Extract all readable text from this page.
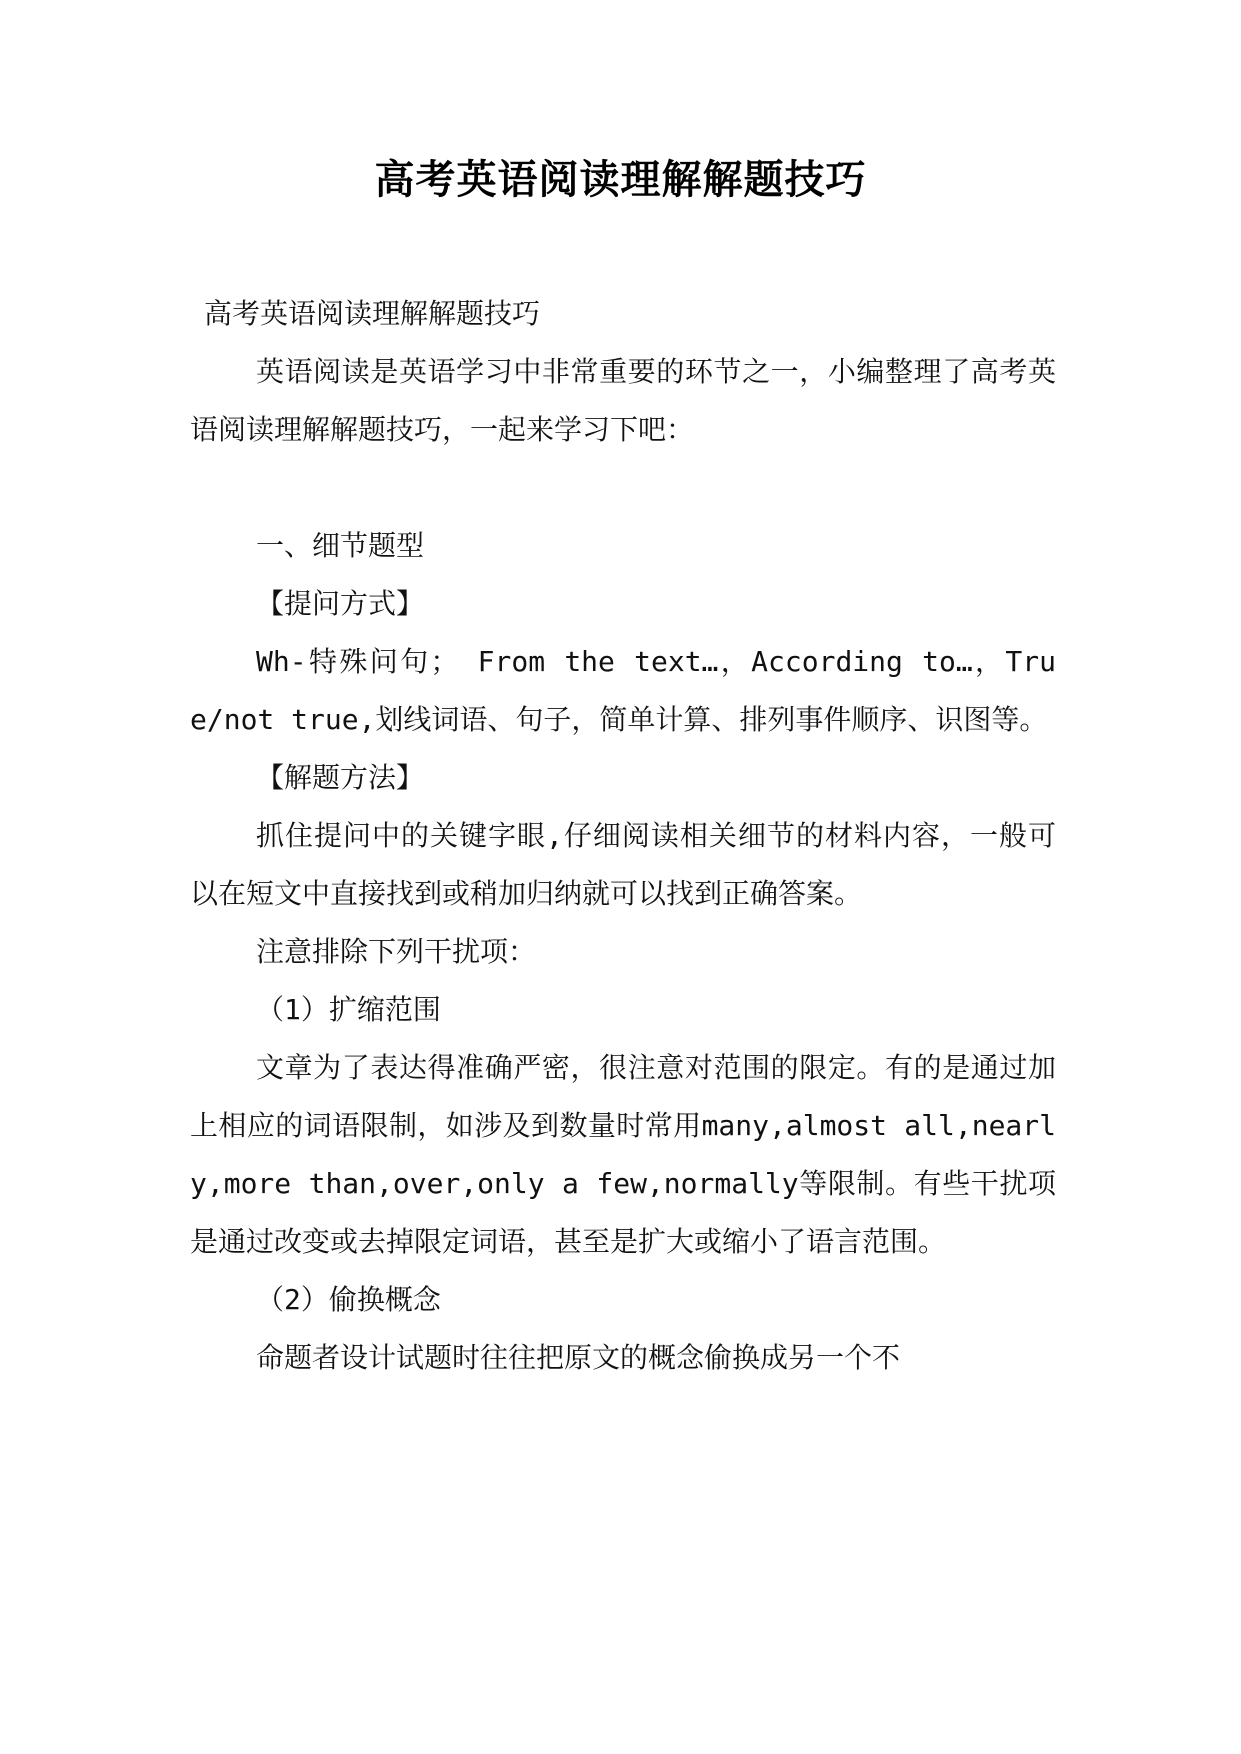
高考英语阅读理解解题技巧

高考英语阅读理解解题技巧

英语阅读是英语学习中非常重要的环节之一，小编整理了高考英语阅读理解解题技巧，一起来学习下吧：

一、细节题型

【提问方式】

Wh-特殊问句； From the text…，According to…，True/not true,划线词语、句子，简单计算、排列事件顺序、识图等。

【解题方法】

抓住提问中的关键字眼,仔细阅读相关细节的材料内容，一般可以在短文中直接找到或稍加归纳就可以找到正确答案。

注意排除下列干扰项：

（1）扩缩范围

文章为了表达得准确严密，很注意对范围的限定。有的是通过加上相应的词语限制，如涉及到数量时常用many,almost all,nearly,more than,over,only a few,normally等限制。有些干扰项是通过改变或去掉限定词语，甚至是扩大或缩小了语言范围。

（2）偷换概念

命题者设计试题时往往把原文的概念偷换成另一个不
